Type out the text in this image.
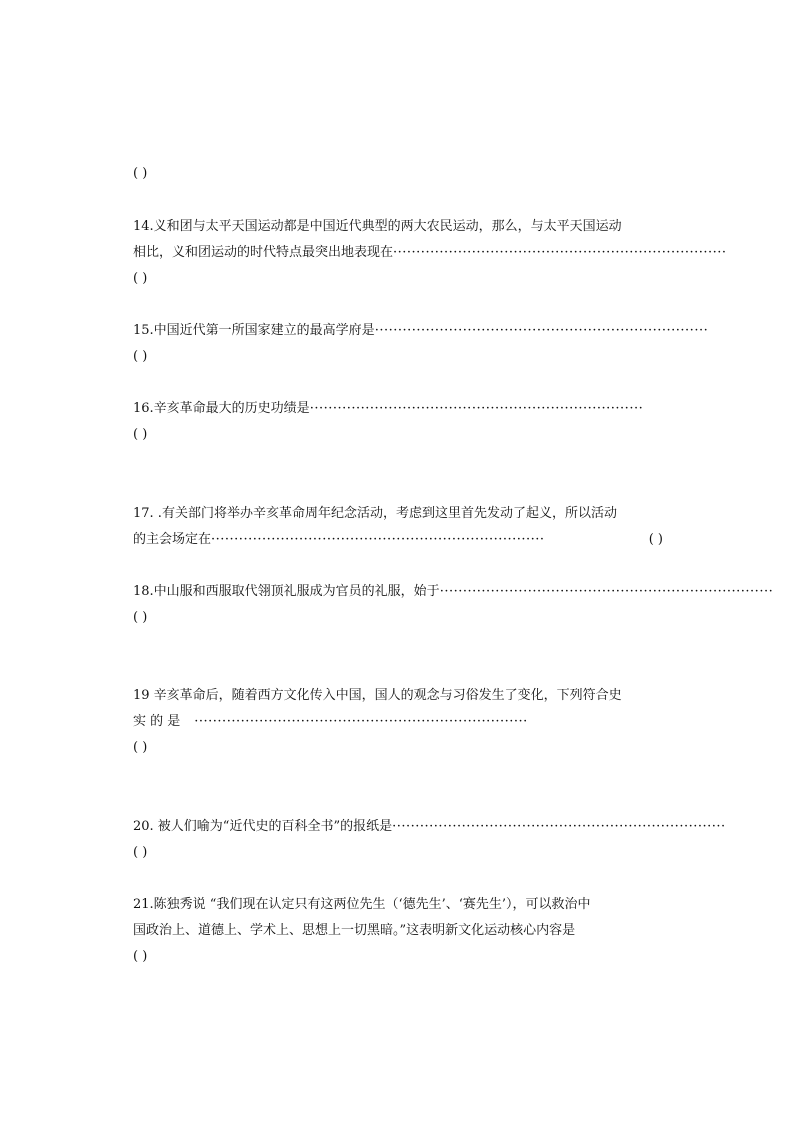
( )
14.义和团与太平天国运动都是中国近代典型的两大农民运动，那么，与太平天国运动
相比，义和团运动的时代特点最突出地表现在 ········································································
( )
15.中国近代第一所国家建立的最高学府是 ········································································
( )
16.辛亥革命最大的历史功绩是 ········································································
( )
17. .有关部门将举办辛亥革命周年纪念活动，考虑到这里首先发动了起义，所以活动
的主会场定在 ········································································	( )
18.中山服和西服取代翎顶礼服成为官员的礼服，始于 ········································································
( )
19 辛亥革命后，随着西方文化传入中国，国人的观念与习俗发生了变化，下列符合史
实 的 是	········································································
( )
20. 被人们喻为“近代史的百科全书”的报纸是 ········································································
( )
21.陈独秀说 “我们现在认定只有这两位先生（‘德先生’、‘赛先生’），可以救治中
国政治上、道德上、学术上、思想上一切黑暗。”这表明新文化运动核心内容是
( )
